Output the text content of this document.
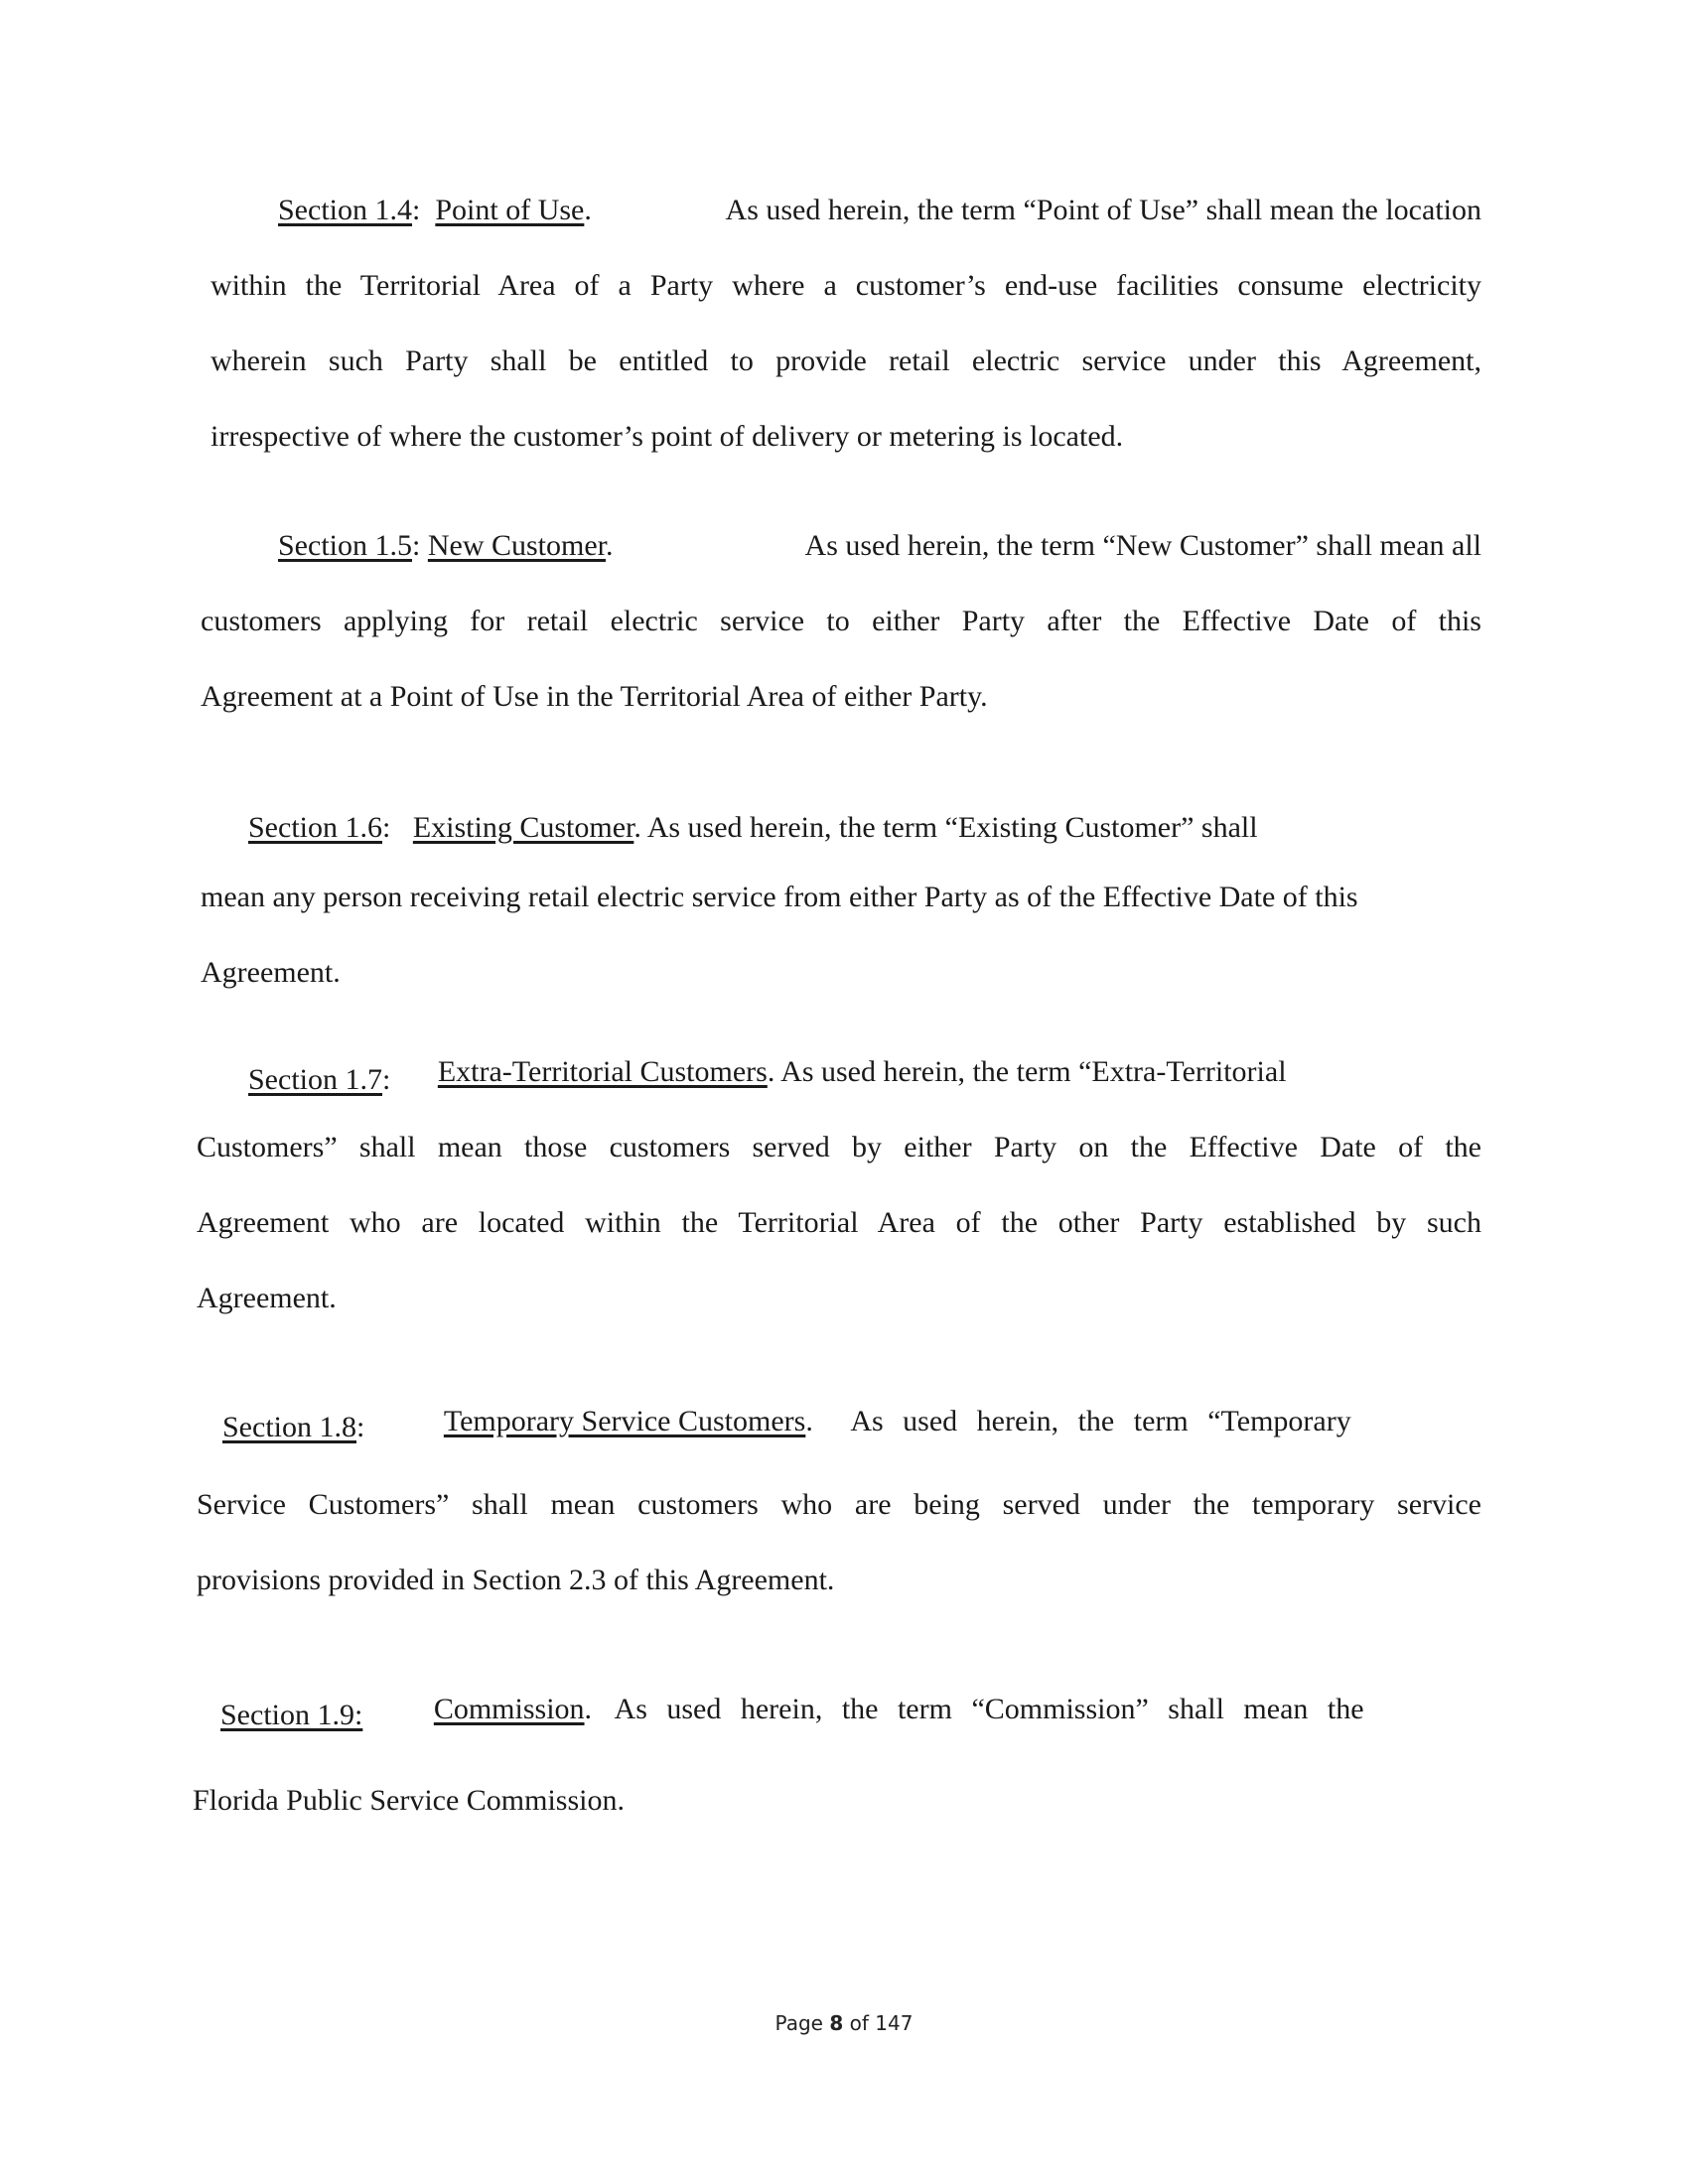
Section 1.4:  Point of Use.	As used herein, the term “Point of Use” shall mean the location
within the Territorial Area of a Party where a customer’s end-use facilities consume electricity
wherein such Party shall be entitled to provide retail electric service under this Agreement,
irrespective of where the customer’s point of delivery or metering is located.
Section 1.5: New Customer.	As used herein, the term “New Customer” shall mean all
customers applying for retail electric service to either Party after the Effective Date of this
Agreement at a Point of Use in the Territorial Area of either Party.
Section 1.6:   Existing Customer. As used herein, the term “Existing Customer” shall
mean any person receiving retail electric service from either Party as of the Effective Date of this
Agreement.
Section 1.7: Extra-Territorial Customers. As used herein, the term “Extra-Territorial
Customers” shall mean those customers served by either Party on the Effective Date of the
Agreement who are located within the Territorial Area of the other Party established by such
Agreement.
Section 1.8:	Temporary Service Customers.     As used herein, the term “Temporary
Service Customers” shall mean customers who are being served under the temporary service
provisions provided in Section 2.3 of this Agreement.
Section 1.9: Commission.   As used herein, the term “Commission” shall mean the
Florida Public Service Commission.
Page 8 of 147
